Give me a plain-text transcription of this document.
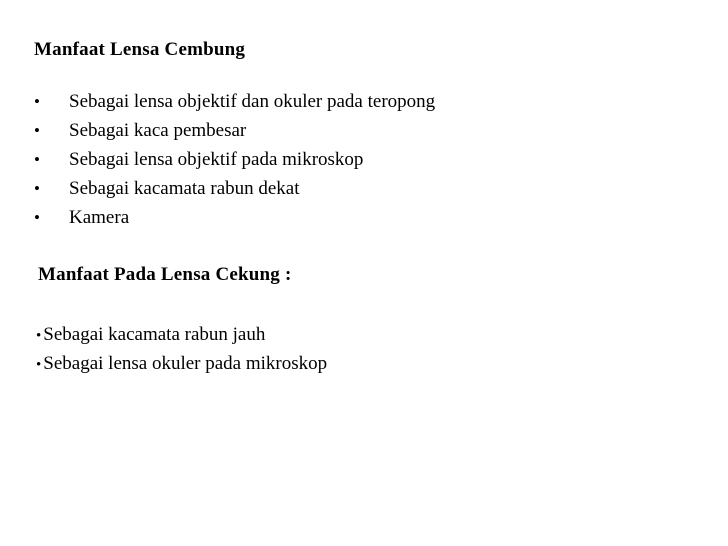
Manfaat Lensa Cembung
• Sebagai lensa objektif dan okuler pada teropong
• Sebagai kaca pembesar
• Sebagai lensa objektif pada mikroskop
• Sebagai kacamata rabun dekat
• Kamera
Manfaat Pada Lensa Cekung :
• Sebagai kacamata rabun jauh
• Sebagai lensa okuler pada mikroskop
